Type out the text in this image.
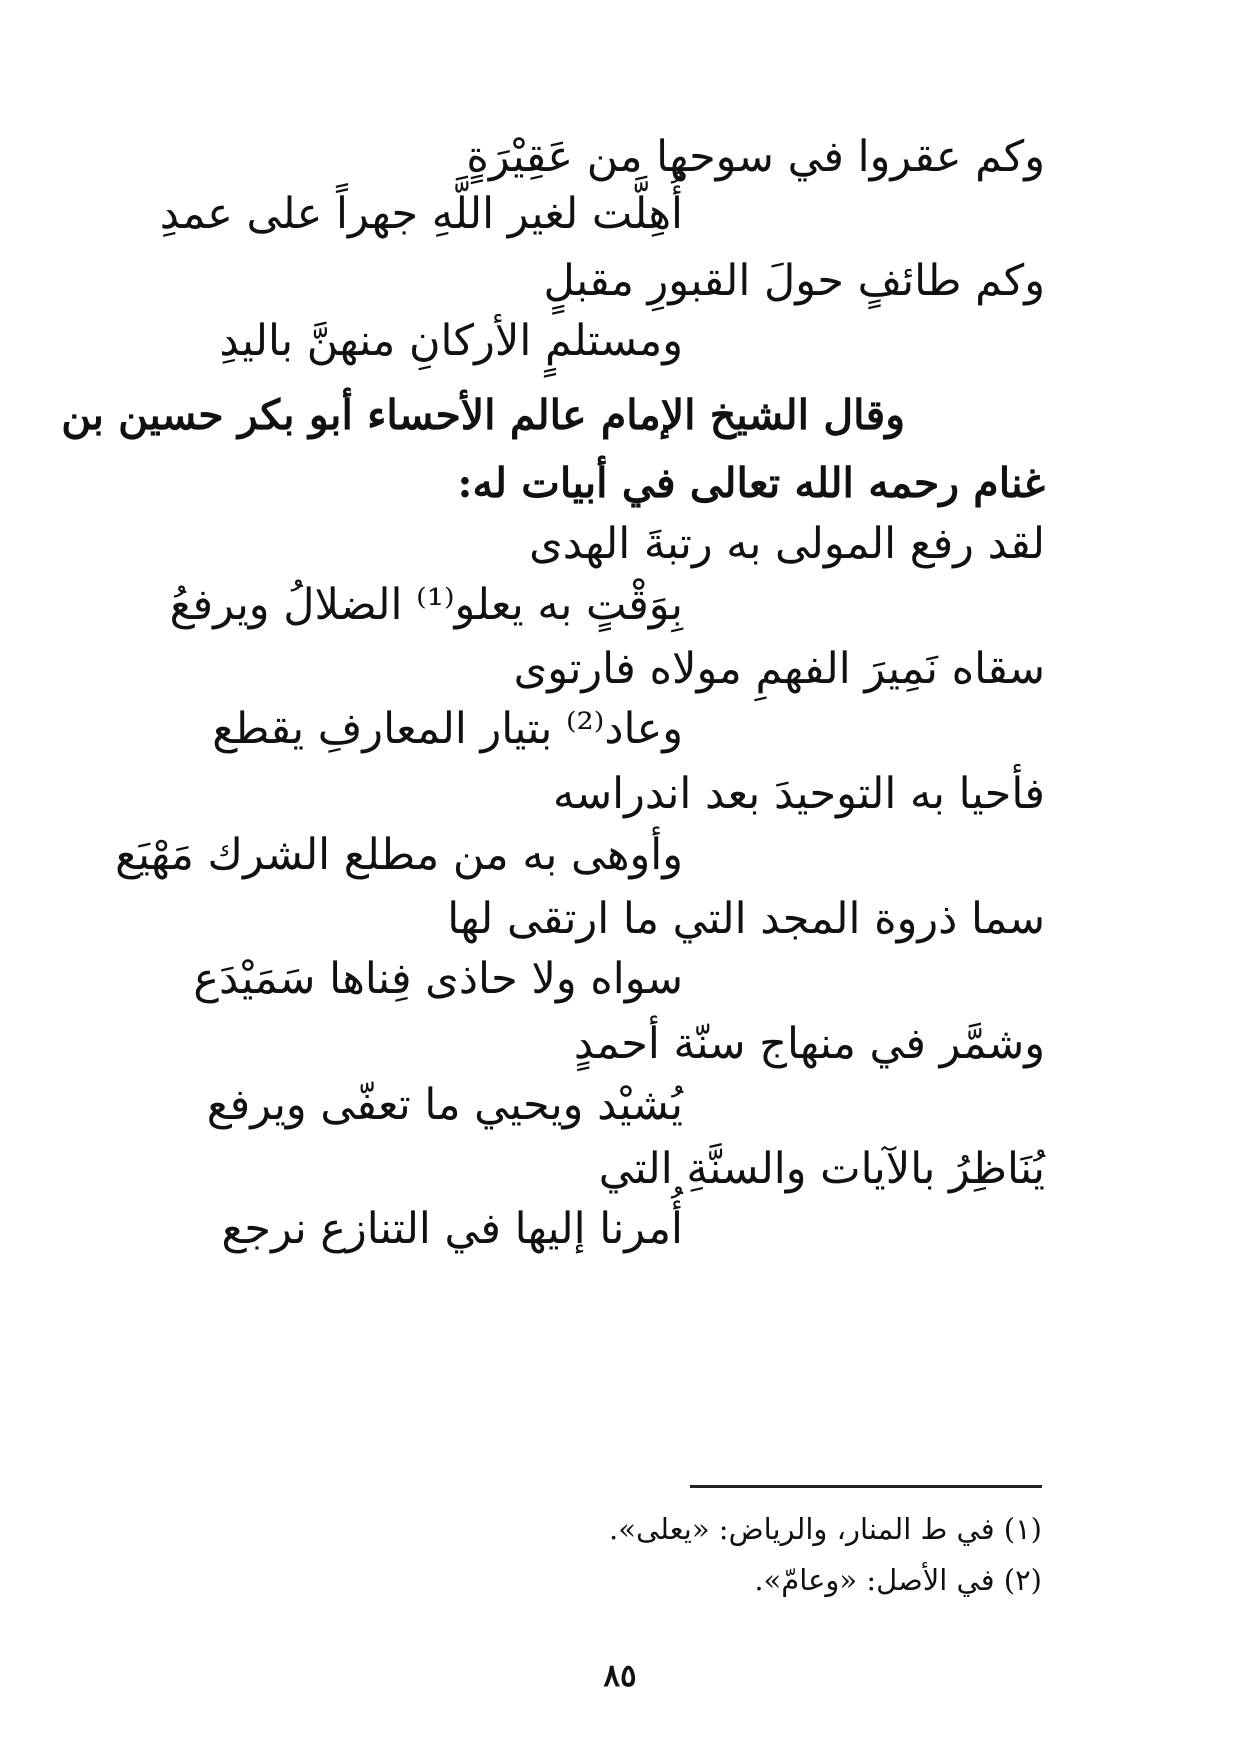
وكم عقروا في سوحها من عَقِيْرَةٍ
أُهِلَّت لغير اللَّهِ جهراً على عمدِ
وكم طائفٍ حولَ القبورِ مقبلٍ
ومستلمٍ الأركانِ منهنَّ باليدِ
وقال الشيخ الإمام عالم الأحساء أبو بكر حسين بن
غنام رحمه الله تعالى في أبيات له:
لقد رفع المولى به رتبةَ الهدى
بِوَقْتٍ به يعلو⁽¹⁾ الضلالُ ويرفعُ
سقاه نَمِيرَ الفهمِ مولاه فارتوى
وعاد⁽²⁾ بتيار المعارفِ يقطع
فأحيا به التوحيدَ بعد اندراسه
وأوهى به من مطلع الشرك مَهْيَع
سما ذروة المجد التي ما ارتقى لها
سواه ولا حاذى فِناها سَمَيْدَع
وشمَّر في منهاج سنّة أحمدٍ
يُشيْد ويحيي ما تعفّى ويرفع
يُنَاظِرُ بالآيات والسنَّةِ التي
أُمرنا إليها في التنازع نرجع
(١) في ط المنار، والرياض: «يعلى».
(٢) في الأصل: «وعامّ».
٨٥
